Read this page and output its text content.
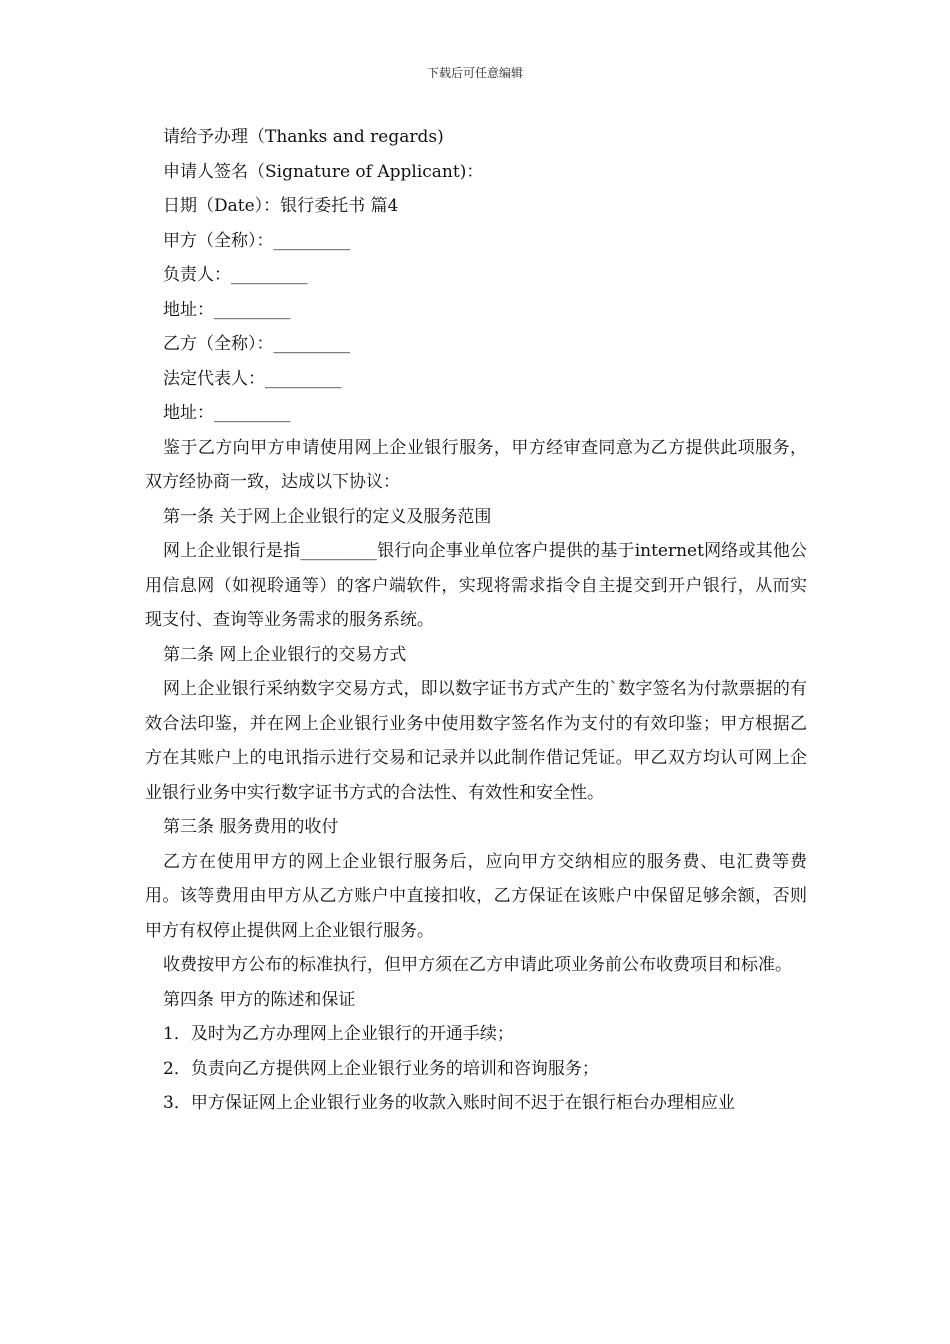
下载后可任意编辑

请给予办理（Thanks and regards)

申请人签名（Signature of Applicant)：

日期（Date）：银行委托书 篇4

甲方（全称）：_________

负责人：_________

地址：_________

乙方（全称）：_________

法定代表人：_________

地址：_________

鉴于乙方向甲方申请使用网上企业银行服务，甲方经审查同意为乙方提供此项服务，双方经协商一致，达成以下协议：

第一条 关于网上企业银行的定义及服务范围

网上企业银行是指_________银行向企事业单位客户提供的基于internet网络或其他公用信息网（如视聆通等）的客户端软件，实现将需求指令自主提交到开户银行，从而实现支付、查询等业务需求的服务系统。

第二条 网上企业银行的交易方式

网上企业银行采纳数字交易方式，即以数字证书方式产生的`数字签名为付款票据的有效合法印鉴，并在网上企业银行业务中使用数字签名作为支付的有效印鉴；甲方根据乙方在其账户上的电讯指示进行交易和记录并以此制作借记凭证。甲乙双方均认可网上企业银行业务中实行数字证书方式的合法性、有效性和安全性。

第三条 服务费用的收付

乙方在使用甲方的网上企业银行服务后，应向甲方交纳相应的服务费、电汇费等费用。该等费用由甲方从乙方账户中直接扣收，乙方保证在该账户中保留足够余额，否则甲方有权停止提供网上企业银行服务。

收费按甲方公布的标准执行，但甲方须在乙方申请此项业务前公布收费项目和标准。

第四条 甲方的陈述和保证

1．及时为乙方办理网上企业银行的开通手续；

2．负责向乙方提供网上企业银行业务的培训和咨询服务；

3．甲方保证网上企业银行业务的收款入账时间不迟于在银行柜台办理相应业
